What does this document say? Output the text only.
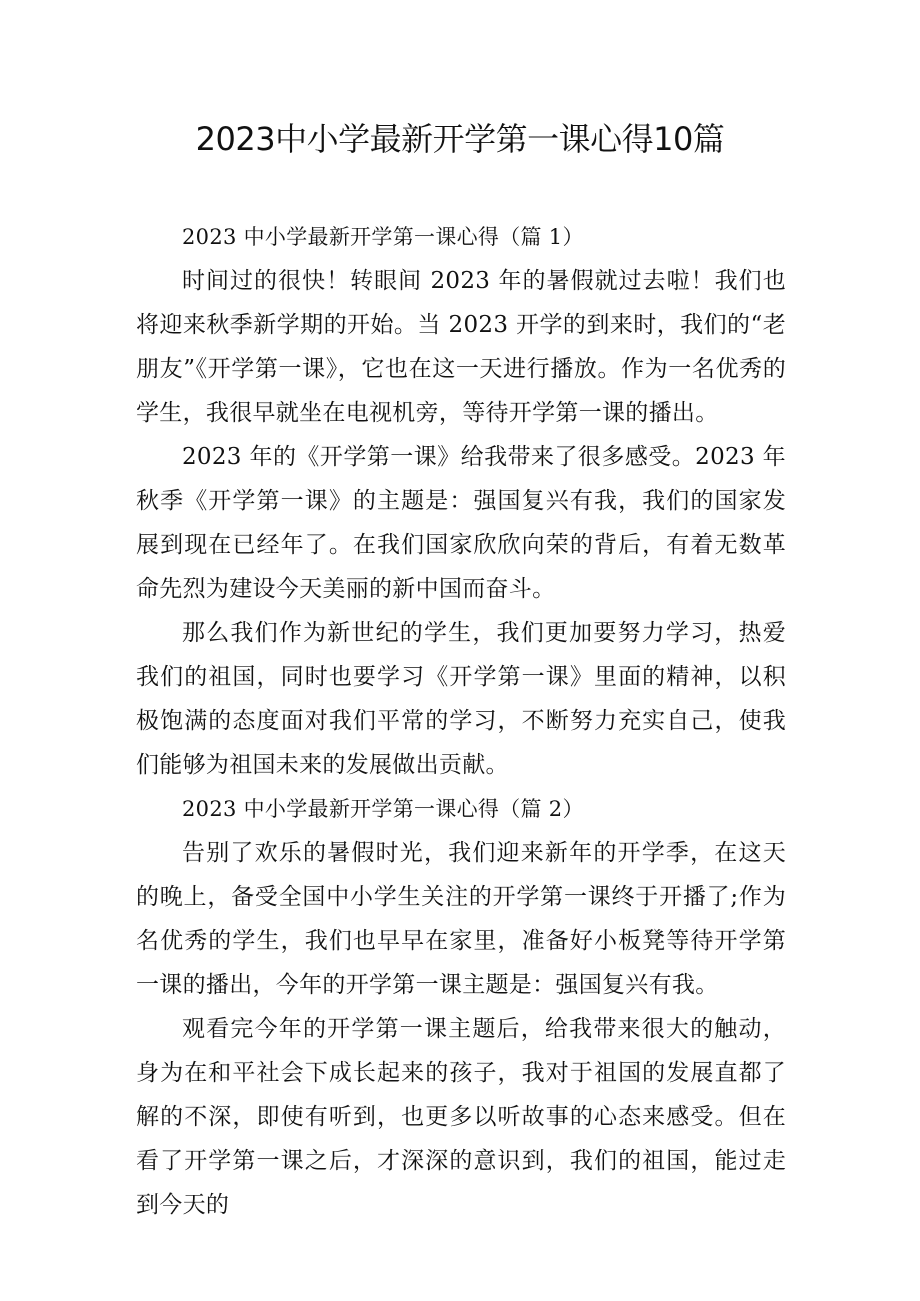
2023中小学最新开学第一课心得10篇

2023 中小学最新开学第一课心得（篇 1）

时间过的很快！转眼间 2023 年的暑假就过去啦！我们也将迎来秋季新学期的开始。当 2023 开学的到来时，我们的“老朋友”《开学第一课》，它也在这一天进行播放。作为一名优秀的学生，我很早就坐在电视机旁，等待开学第一课的播出。

2023 年的《开学第一课》给我带来了很多感受。2023 年秋季《开学第一课》的主题是：强国复兴有我，我们的国家发展到现在已经年了。在我们国家欣欣向荣的背后，有着无数革命先烈为建设今天美丽的新中国而奋斗。

那么我们作为新世纪的学生，我们更加要努力学习，热爱我们的祖国，同时也要学习《开学第一课》里面的精神，以积极饱满的态度面对我们平常的学习，不断努力充实自己，使我们能够为祖国未来的发展做出贡献。

2023 中小学最新开学第一课心得（篇 2）

告别了欢乐的暑假时光，我们迎来新年的开学季，在这天的晚上，备受全国中小学生关注的开学第一课终于开播了;作为名优秀的学生，我们也早早在家里，准备好小板凳等待开学第一课的播出，今年的开学第一课主题是：强国复兴有我。

观看完今年的开学第一课主题后，给我带来很大的触动，身为在和平社会下成长起来的孩子，我对于祖国的发展直都了解的不深，即使有听到，也更多以听故事的心态来感受。但在看了开学第一课之后，才深深的意识到，我们的祖国，能过走到今天的
